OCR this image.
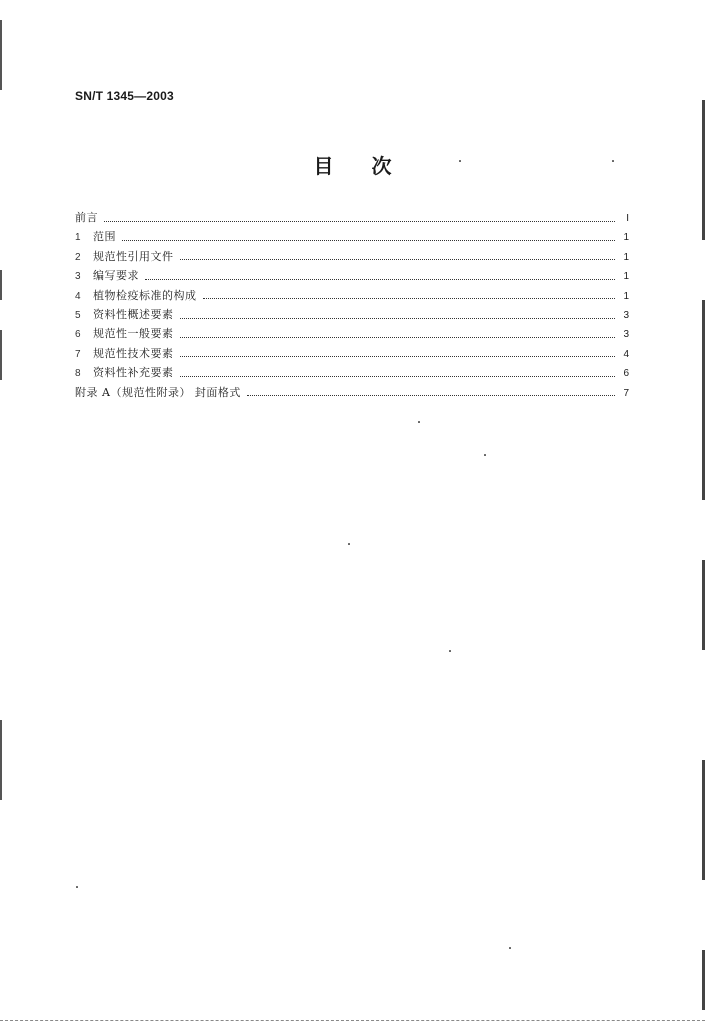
SN/T 1345—2003
目次
前言	I
1	范围	1
2	规范性引用文件	1
3	编写要求	1
4	植物检疫标准的构成	1
5	资料性概述要素	3
6	规范性一般要素	3
7	规范性技术要素	4
8	资料性补充要素	6
附录 A（规范性附录） 封面格式	7
